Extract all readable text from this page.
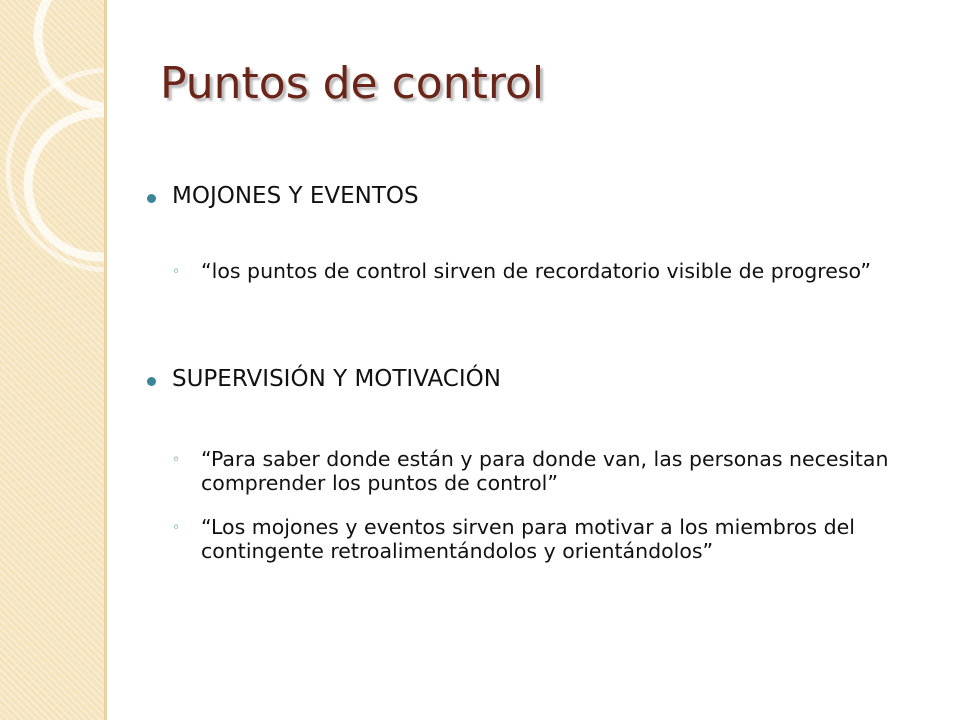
Puntos de control
MOJONES Y EVENTOS
◦ “los puntos de control sirven de recordatorio visible de progreso”
SUPERVISIÓN Y MOTIVACIÓN
◦ “Para saber donde están y para donde van, las personas necesitan comprender los puntos de control”
◦ “Los mojones y eventos sirven para motivar a los miembros del contingente retroalimentándolos y orientándolos”
